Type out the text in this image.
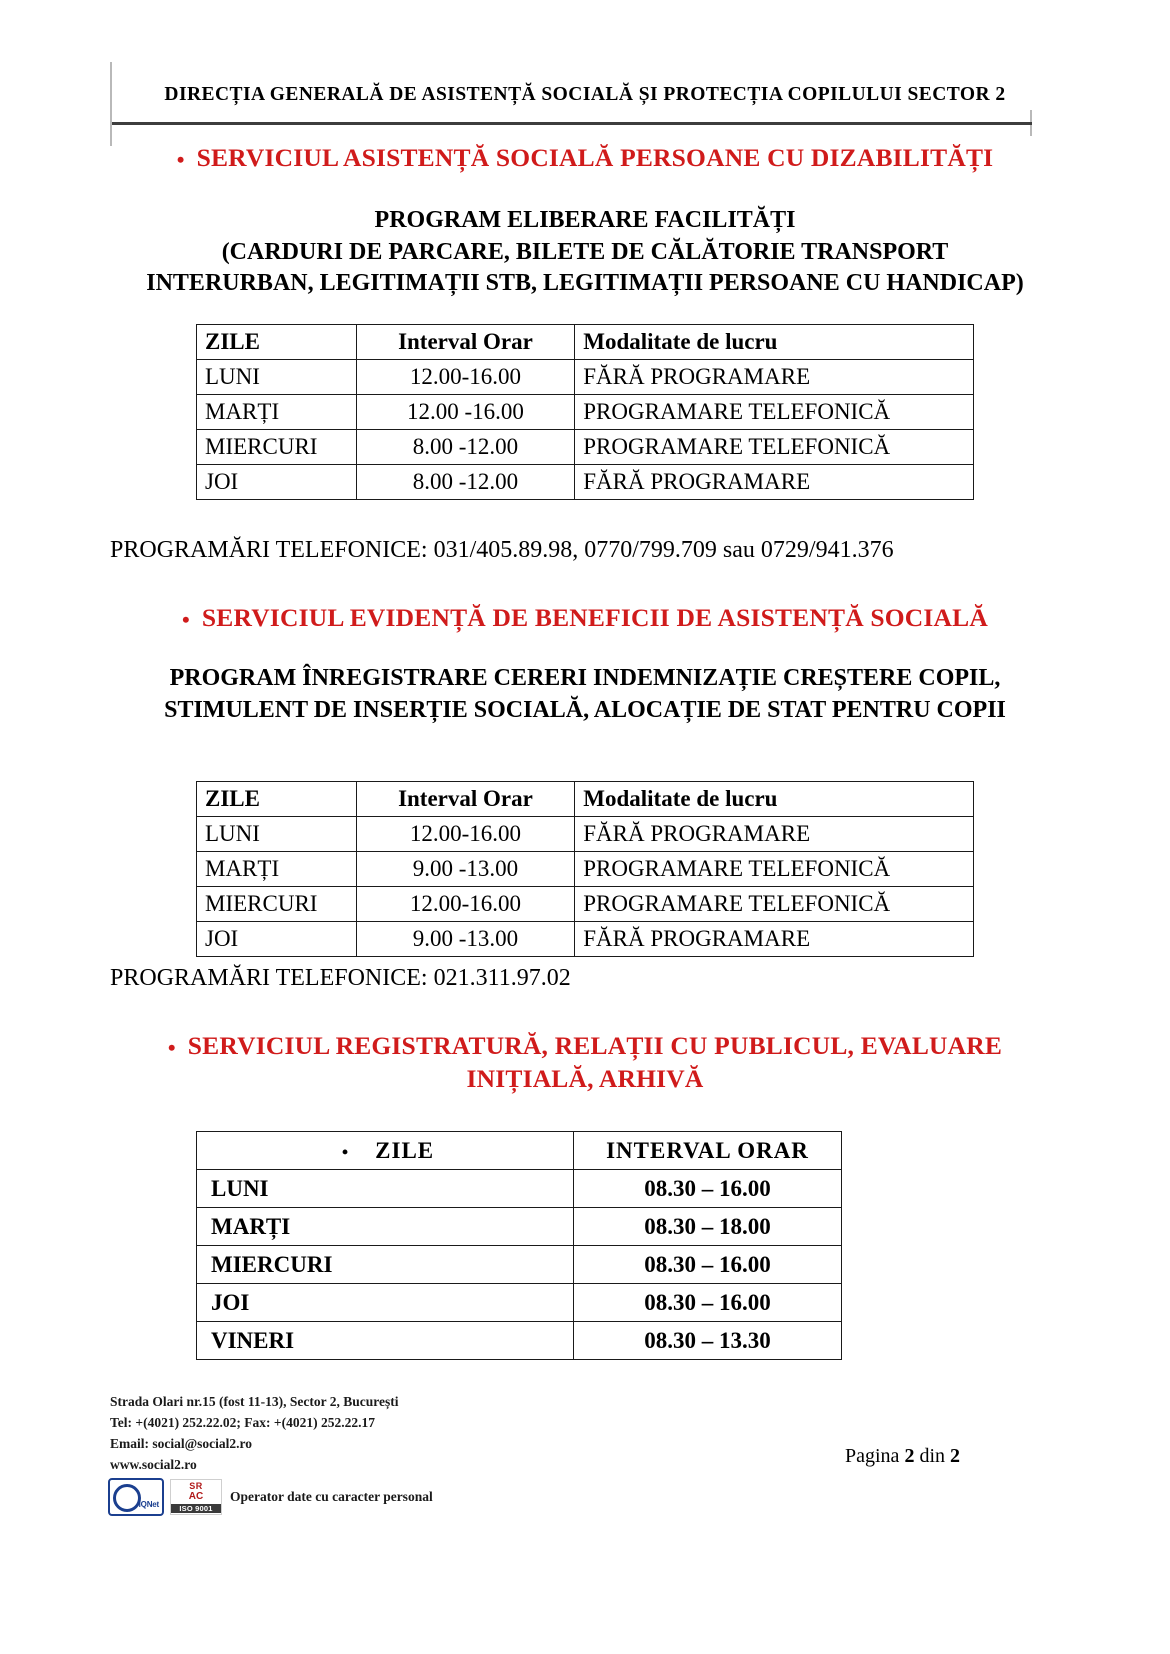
DIRECȚIA GENERALĂ DE ASISTENȚĂ SOCIALĂ ȘI PROTECȚIA COPILULUI SECTOR 2
• SERVICIUL ASISTENȚĂ SOCIALĂ PERSOANE CU DIZABILITĂȚI
PROGRAM ELIBERARE FACILITĂȚI
(CARDURI DE PARCARE, BILETE DE CĂLĂTORIE TRANSPORT
INTERURBAN, LEGITIMAȚII STB, LEGITIMAȚII PERSOANE CU HANDICAP)
ZILE	Interval Orar	Modalitate de lucru
LUNI	12.00-16.00	FĂRĂ PROGRAMARE
MARȚI	12.00 -16.00	PROGRAMARE TELEFONICĂ
MIERCURI	8.00 -12.00	PROGRAMARE TELEFONICĂ
JOI	8.00 -12.00	FĂRĂ PROGRAMARE
PROGRAMĂRI TELEFONICE: 031/405.89.98, 0770/799.709 sau 0729/941.376
• SERVICIUL EVIDENȚĂ DE BENEFICII DE ASISTENȚĂ SOCIALĂ
PROGRAM ÎNREGISTRARE CERERI INDEMNIZAȚIE CREȘTERE COPIL,
STIMULENT DE INSERȚIE SOCIALĂ, ALOCAȚIE DE STAT PENTRU COPII
ZILE	Interval Orar	Modalitate de lucru
LUNI	12.00-16.00	FĂRĂ PROGRAMARE
MARȚI	9.00 -13.00	PROGRAMARE TELEFONICĂ
MIERCURI	12.00-16.00	PROGRAMARE TELEFONICĂ
JOI	9.00 -13.00	FĂRĂ PROGRAMARE
PROGRAMĂRI TELEFONICE: 021.311.97.02
• SERVICIUL REGISTRATURĂ, RELAȚII CU PUBLICUL, EVALUARE
INIȚIALĂ, ARHIVĂ
• ZILE	INTERVAL ORAR
LUNI	08.30 – 16.00
MARȚI	08.30 – 18.00
MIERCURI	08.30 – 16.00
JOI	08.30 – 16.00
VINERI	08.30 – 13.30
Strada Olari nr.15 (fost 11-13), Sector 2, București
Tel: +(4021) 252.22.02; Fax: +(4021) 252.22.17
Email: social@social2.ro
www.social2.ro	Pagina 2 din 2
IQNet
SR
AC
ISO 9001
Operator date cu caracter personal
